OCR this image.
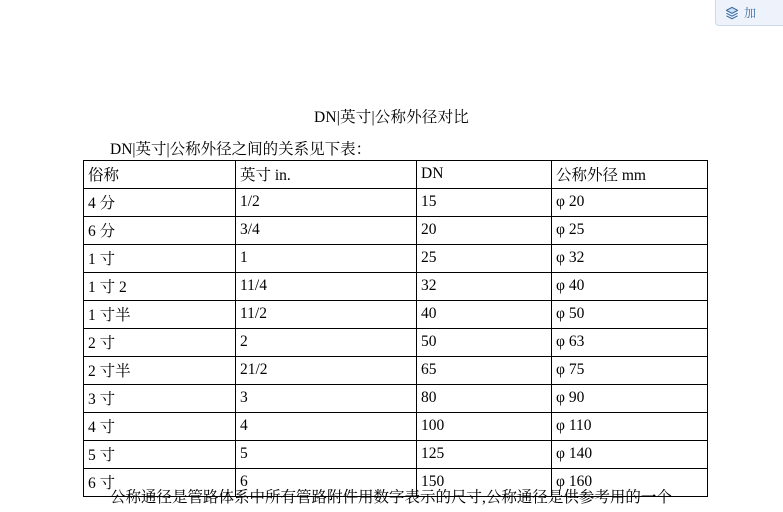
加
DN|英寸|公称外径对比
DN|英寸|公称外径之间的关系见下表：
俗称	英寸 in.	DN	公称外径 mm
4 分	1/2	15	φ 20
6 分	3/4	20	φ 25
1 寸	1	25	φ 32
1 寸 2	11/4	32	φ 40
1 寸半	11/2	40	φ 50
2 寸	2	50	φ 63
2 寸半	21/2	65	φ 75
3 寸	3	80	φ 90
4 寸	4	100	φ 110
5 寸	5	125	φ 140
6 寸	6	150	φ 160
公称通径是管路体系中所有管路附件用数字表示的尺寸,公称通径是供参考用的一个
